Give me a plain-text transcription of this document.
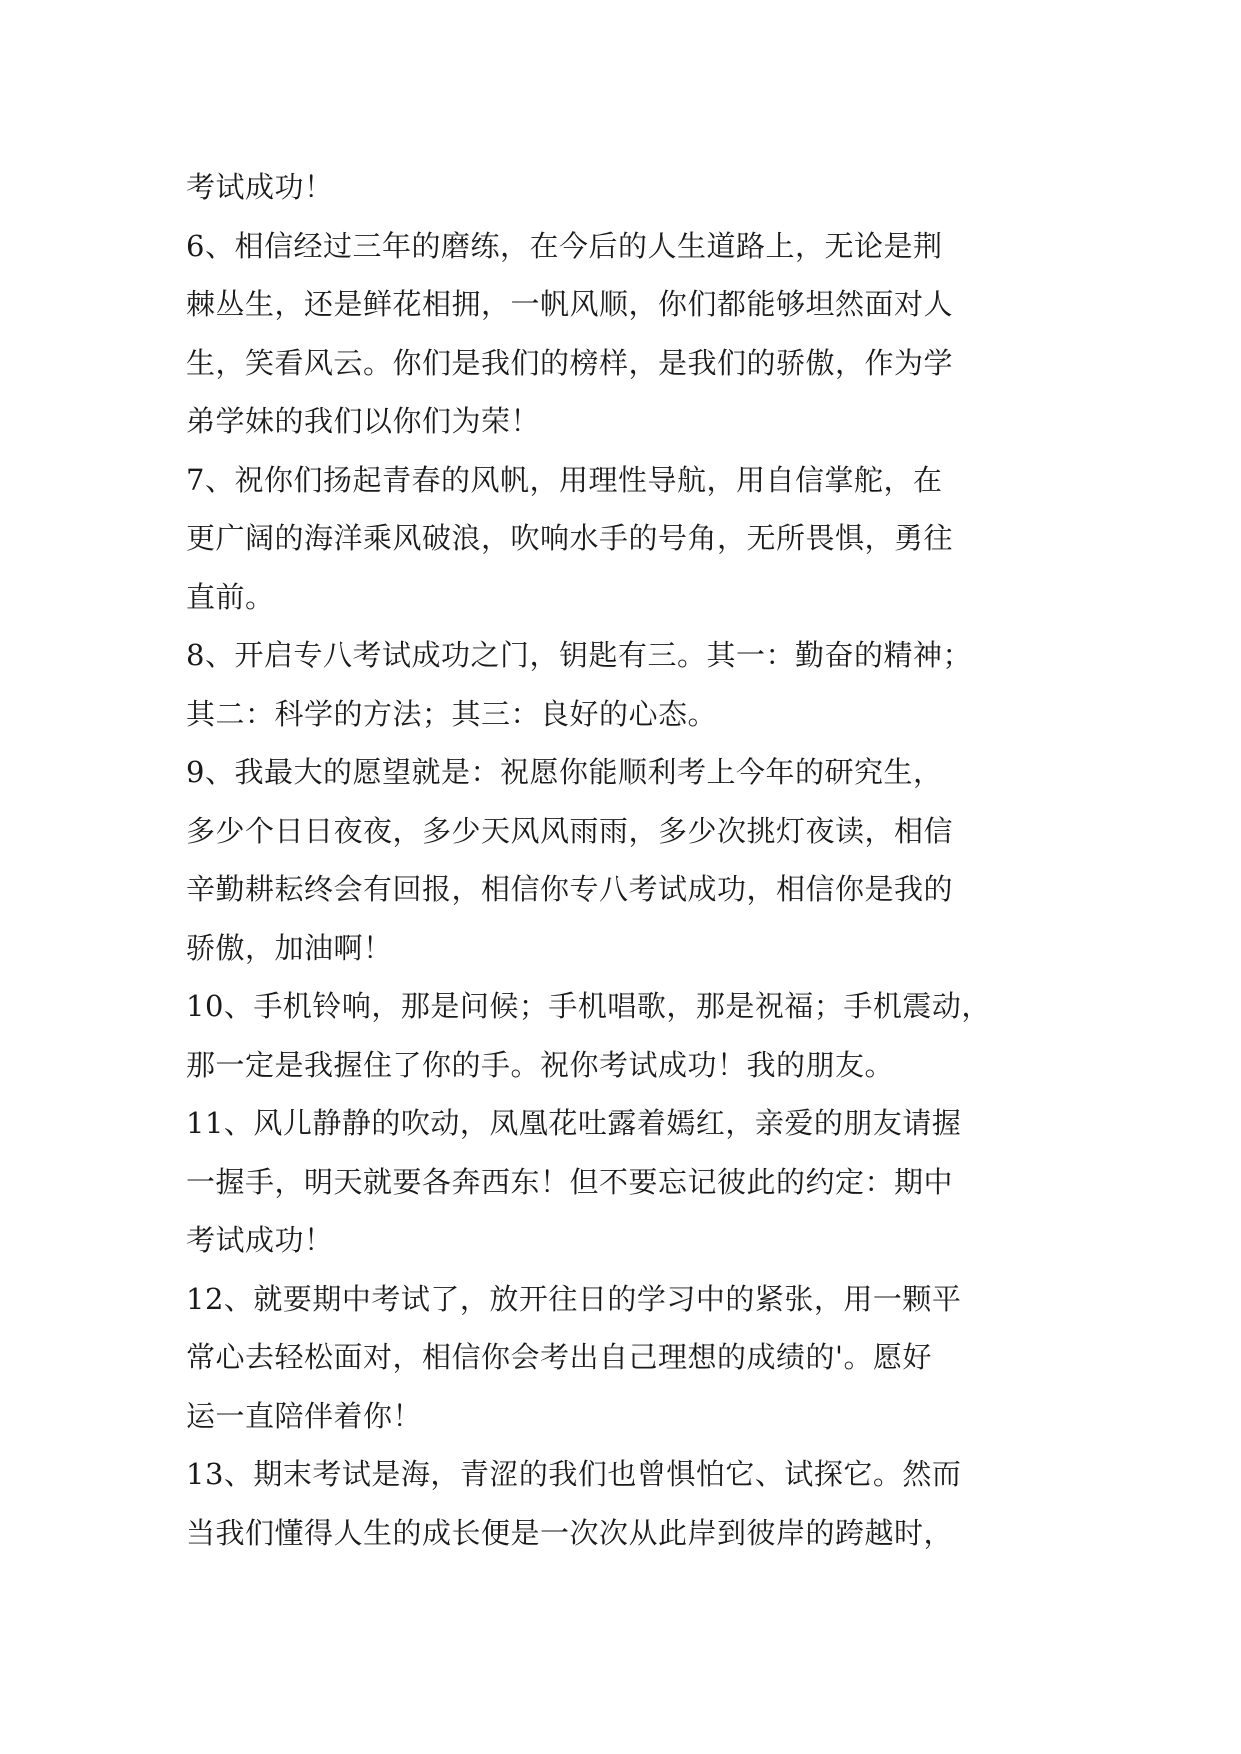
考试成功！
6、相信经过三年的磨练，在今后的人生道路上，无论是荆
棘丛生，还是鲜花相拥，一帆风顺，你们都能够坦然面对人
生，笑看风云。你们是我们的榜样，是我们的骄傲，作为学
弟学妹的我们以你们为荣！
7、祝你们扬起青春的风帆，用理性导航，用自信掌舵，在
更广阔的海洋乘风破浪，吹响水手的号角，无所畏惧，勇往
直前。
8、开启专八考试成功之门，钥匙有三。其一：勤奋的精神；
其二：科学的方法；其三：良好的心态。
9、我最大的愿望就是：祝愿你能顺利考上今年的研究生，
多少个日日夜夜，多少天风风雨雨，多少次挑灯夜读，相信
辛勤耕耘终会有回报，相信你专八考试成功，相信你是我的
骄傲，加油啊！
10、手机铃响，那是问候；手机唱歌，那是祝福；手机震动，
那一定是我握住了你的手。祝你考试成功！我的朋友。
11、风儿静静的吹动，凤凰花吐露着嫣红，亲爱的朋友请握
一握手，明天就要各奔西东！但不要忘记彼此的约定：期中
考试成功！
12、就要期中考试了，放开往日的学习中的紧张，用一颗平
常心去轻松面对，相信你会考出自己理想的成绩的'。愿好
运一直陪伴着你！
13、期末考试是海，青涩的我们也曾惧怕它、试探它。然而
当我们懂得人生的成长便是一次次从此岸到彼岸的跨越时，
